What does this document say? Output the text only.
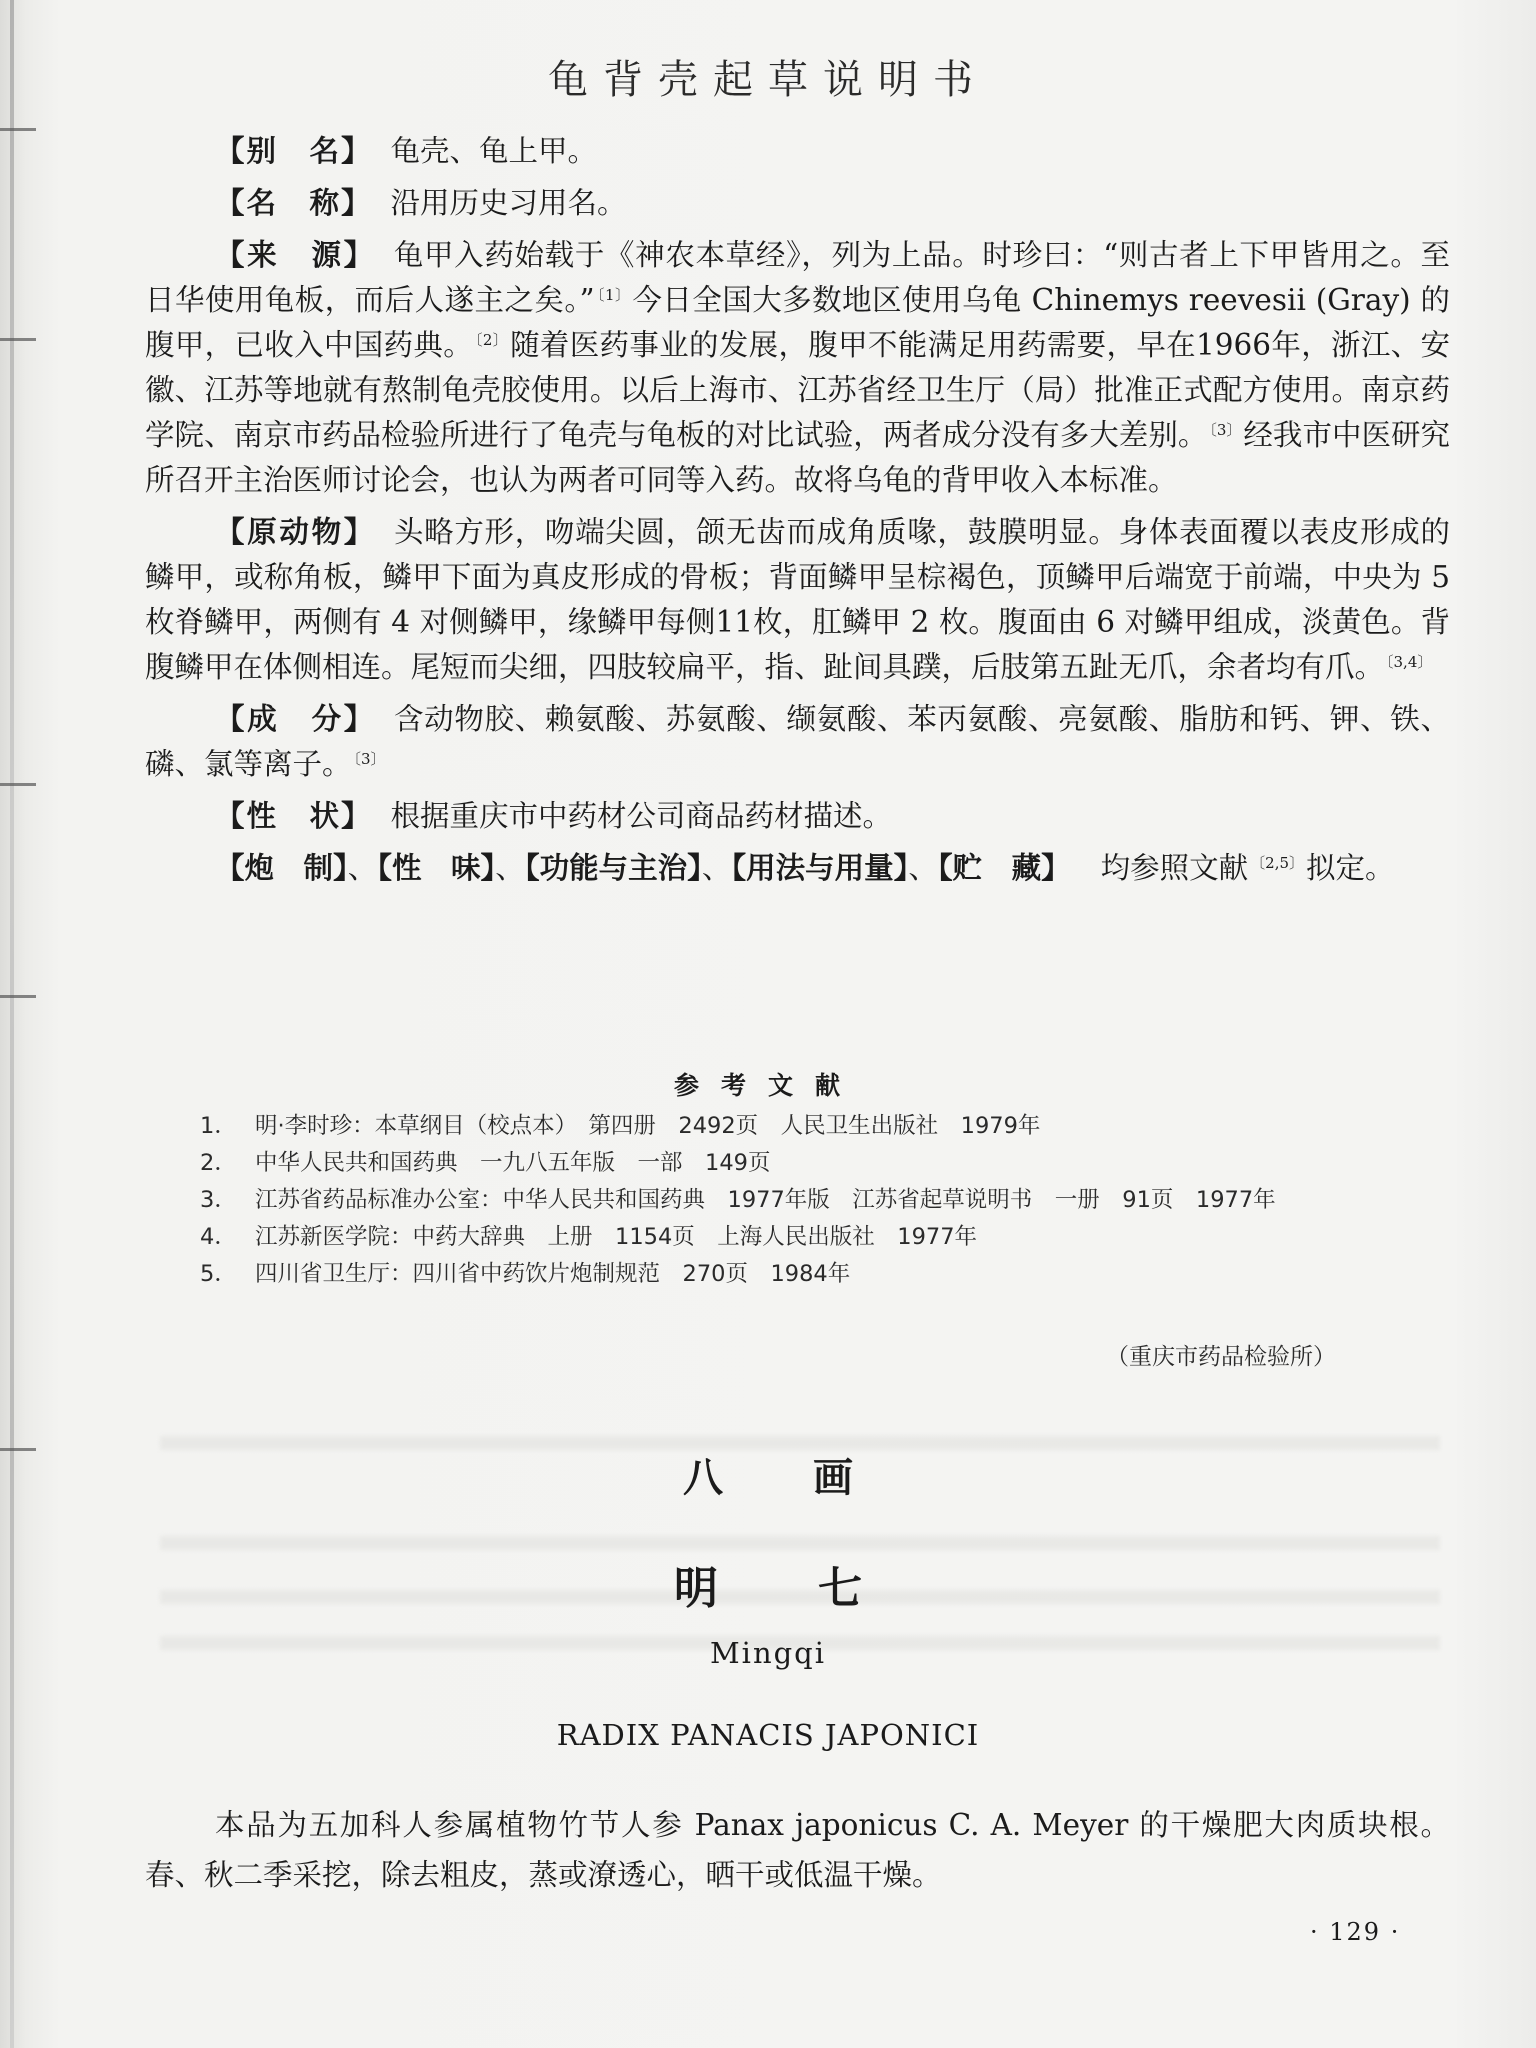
龟背壳起草说明书

【别　名】 龟壳、龟上甲。

【名　称】 沿用历史习用名。

【来　源】 龟甲入药始载于《神农本草经》，列为上品。时珍曰：“则古者上下甲皆用之。至日华使用龟板，而后人遂主之矣。” $^{〔1〕}$今日全国大多数地区使用乌龟 Chinemys reevesii (Gray) 的腹甲，已收入中国药典。 $^{〔2〕}$随着医药事业的发展，腹甲不能满足用药需要，早在1966年，浙江、安徽、江苏等地就有熬制龟壳胶使用。以后上海市、江苏省经卫生厅（局）批准正式配方使用。南京药学院、南京市药品检验所进行了龟壳与龟板的对比试验，两者成分没有多大差别。 $^{〔3〕}$经我市中医研究所召开主治医师讨论会，也认为两者可同等入药。故将乌龟的背甲收入本标准。

【原动物】 头略方形，吻端尖圆，颌无齿而成角质喙，鼓膜明显。身体表面覆以表皮形成的鳞甲，或称角板，鳞甲下面为真皮形成的骨板；背面鳞甲呈棕褐色，顶鳞甲后端宽于前端，中央为 5 枚脊鳞甲，两侧有 4 对侧鳞甲，缘鳞甲每侧11枚，肛鳞甲 2 枚。腹面由 6 对鳞甲组成，淡黄色。背腹鳞甲在体侧相连。尾短而尖细，四肢较扁平，指、趾间具蹼，后肢第五趾无爪，余者均有爪。 $^{〔3,4〕}$

【成　分】 含动物胶、赖氨酸、苏氨酸、缬氨酸、苯丙氨酸、亮氨酸、脂肪和钙、钾、铁、磷、氯等离子。 $^{〔3〕}$

【性　状】 根据重庆市中药材公司商品药材描述。

【炮　制】、【性　味】、【功能与主治】、【用法与用量】、【贮　藏】 均参照文献 $^{〔2,5〕}$拟定。

参考文献

1． 明·李时珍：本草纲目（校点本）　第四册　2492页　人民卫生出版社　1979年

2． 中华人民共和国药典　一九八五年版　一部　149页

3． 江苏省药品标准办公室：中华人民共和国药典　1977年版　江苏省起草说明书　一册　91页　1977年

4． 江苏新医学院：中药大辞典　上册　1154页　上海人民出版社　1977年

5． 四川省卫生厅：四川省中药饮片炮制规范　270页　1984年

（重庆市药品检验所）
八画
明七
Mingqi
RADIX PANACIS JAPONICI

本品为五加科人参属植物竹节人参 Panax japonicus C. A. Meyer 的干燥肥大肉质块根。春、秋二季采挖，除去粗皮，蒸或潦透心，晒干或低温干燥。

· 129 ·
